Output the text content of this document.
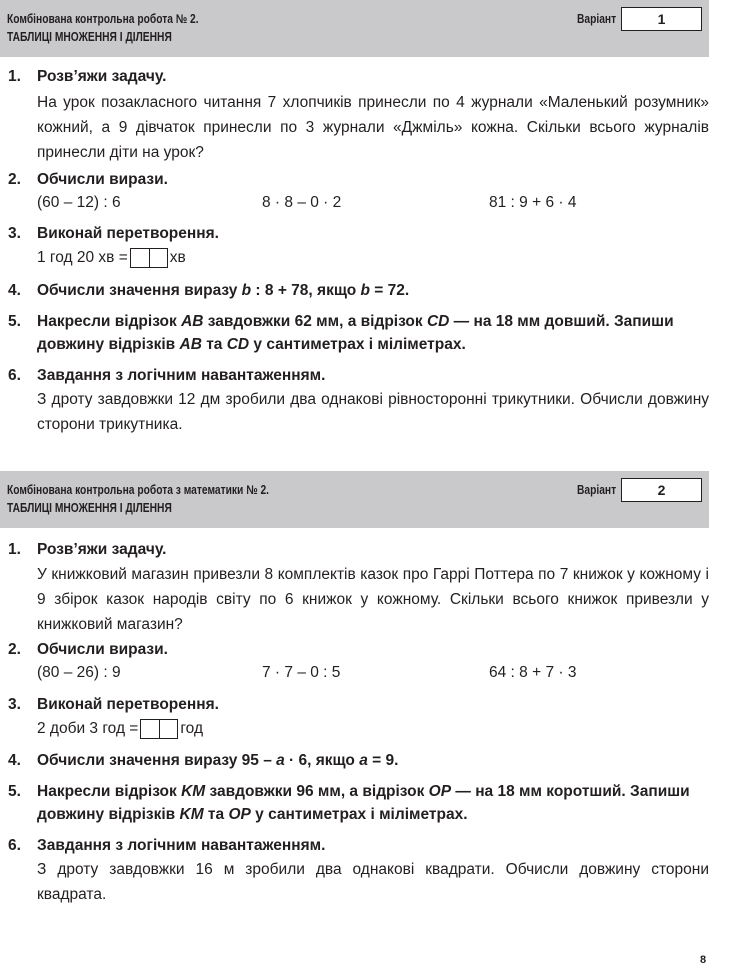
Комбінована контрольна робота № 2.
ТАБЛИЦІ МНОЖЕННЯ І ДІЛЕННЯ
Варіант	1
1. Розв’яжи задачу.
На урок позакласного читання 7 хлопчиків принесли по 4 журнали «Маленький розумник» кожний, а 9 дівчаток принесли по 3 журнали «Джміль» кожна. Скільки всього журналів принесли діти на урок?
2. Обчисли вирази.
(60 – 12) : 6	8 · 8 – 0 · 2	81 : 9 + 6 · 4
3. Виконай перетворення.
1 год 20 хв =	хв
4. Обчисли значення виразу b : 8 + 78, якщо b = 72.
5. Накресли відрізок AB завдовжки 62 мм, а відрізок CD — на 18 мм довший. Запиши
довжину відрізків AB та CD у сантиметрах і міліметрах.
6. Завдання з логічним навантаженням.
З дроту завдовжки 12 дм зробили два однакові рівносторонні трикутники. Обчисли довжину сторони трикутника.
Комбінована контрольна робота з математики № 2.
ТАБЛИЦІ МНОЖЕННЯ І ДІЛЕННЯ
Варіант	2
1. Розв’яжи задачу.
У книжковий магазин привезли 8 комплектів казок про Гаррі Поттера по 7 книжок у кожному і 9 збірок казок народів світу по 6 книжок у кожному. Скільки всього книжок привезли у книжковий магазин?
2. Обчисли вирази.
(80 – 26) : 9	7 · 7 – 0 : 5	64 : 8 + 7 · 3
3. Виконай перетворення.
2 доби 3 год =	год
4. Обчисли значення виразу 95 – a · 6, якщо a = 9.
5. Накресли відрізок KM завдовжки 96 мм, а відрізок OP — на 18 мм коротший. Запиши
довжину відрізків KM та OP у сантиметрах і міліметрах.
6. Завдання з логічним навантаженням.
З дроту завдовжки 16 м зробили два однакові квадрати. Обчисли довжину сторони квадрата.
8
